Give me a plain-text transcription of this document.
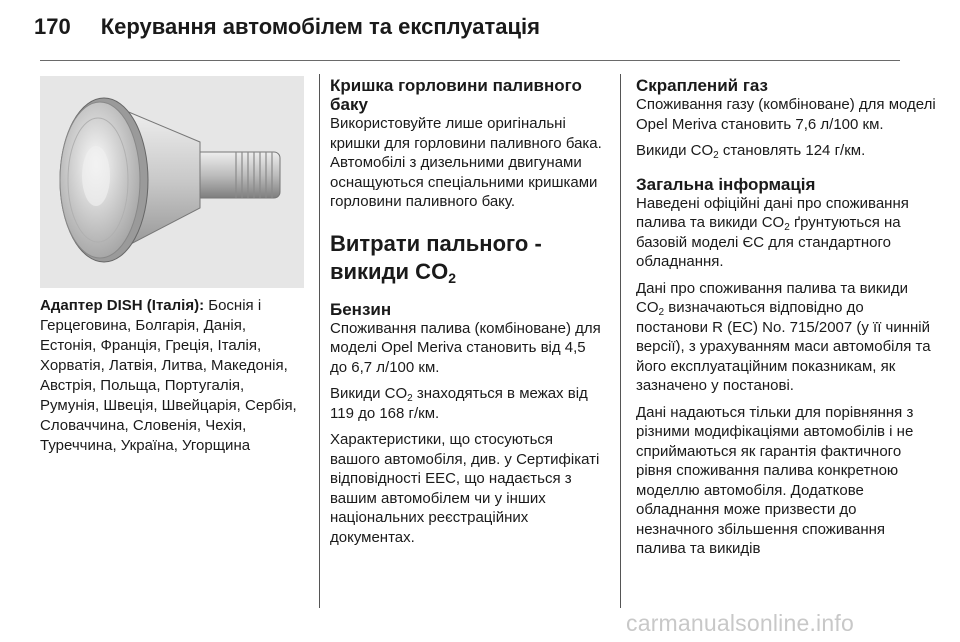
170 Керування автомобілем та експлуатація
Адаптер DISH (Італія): Боснія і Герцеговина, Болгарія, Данія, Естонія, Франція, Греція, Італія, Хорватія, Латвія, Литва, Македонія, Австрія, Польща, Португалія, Румунія, Швеція, Швейцарія, Сербія, Словаччина, Словенія, Чехія, Туреччина, Україна, Угорщина
Кришка горловини паливного баку

Використовуйте лише оригінальні кришки для горловини паливного бака. Автомобілі з дизельними двигунами оснащуються спеціальними кришками горловини паливного баку.

Витрати пального - викиди $CO_2$
Бензин

Споживання палива (комбіноване) для моделі Opel Meriva становить від 4,5 до 6,7 л/100 км.

Викиди $CO_2$ знаходяться в межах від 119 до 168 г/км.

Характеристики, що стосуються вашого автомобіля, див. у Сертифікаті відповідності ЕЕС, що надається з вашим автомобілем чи у інших національних реєстраційних документах.

Скраплений газ

Споживання газу (комбіноване) для моделі Opel Meriva становить 7,6 л/100 км.

Викиди $CO_2$ становлять 124 г/км.

Загальна інформація

Наведені офіційні дані про споживання палива та викиди $CO_2$ ґрунтуються на базовій моделі ЄС для стандартного обладнання.

Дані про споживання палива та викиди $CO_2$ визначаються відповідно до постанови R (EC) No. 715/2007 (у її чинній версії), з урахуванням маси автомобіля та його експлуатаційним показникам, як зазначено у постанові.

Дані надаються тільки для порівняння з різними модифікаціями автомобілів і не сприймаються як гарантія фактичного рівня споживання палива конкретною моделлю автомобіля. Додаткове обладнання може призвести до незначного збільшення споживання палива та викидів

carmanualsonline.info
